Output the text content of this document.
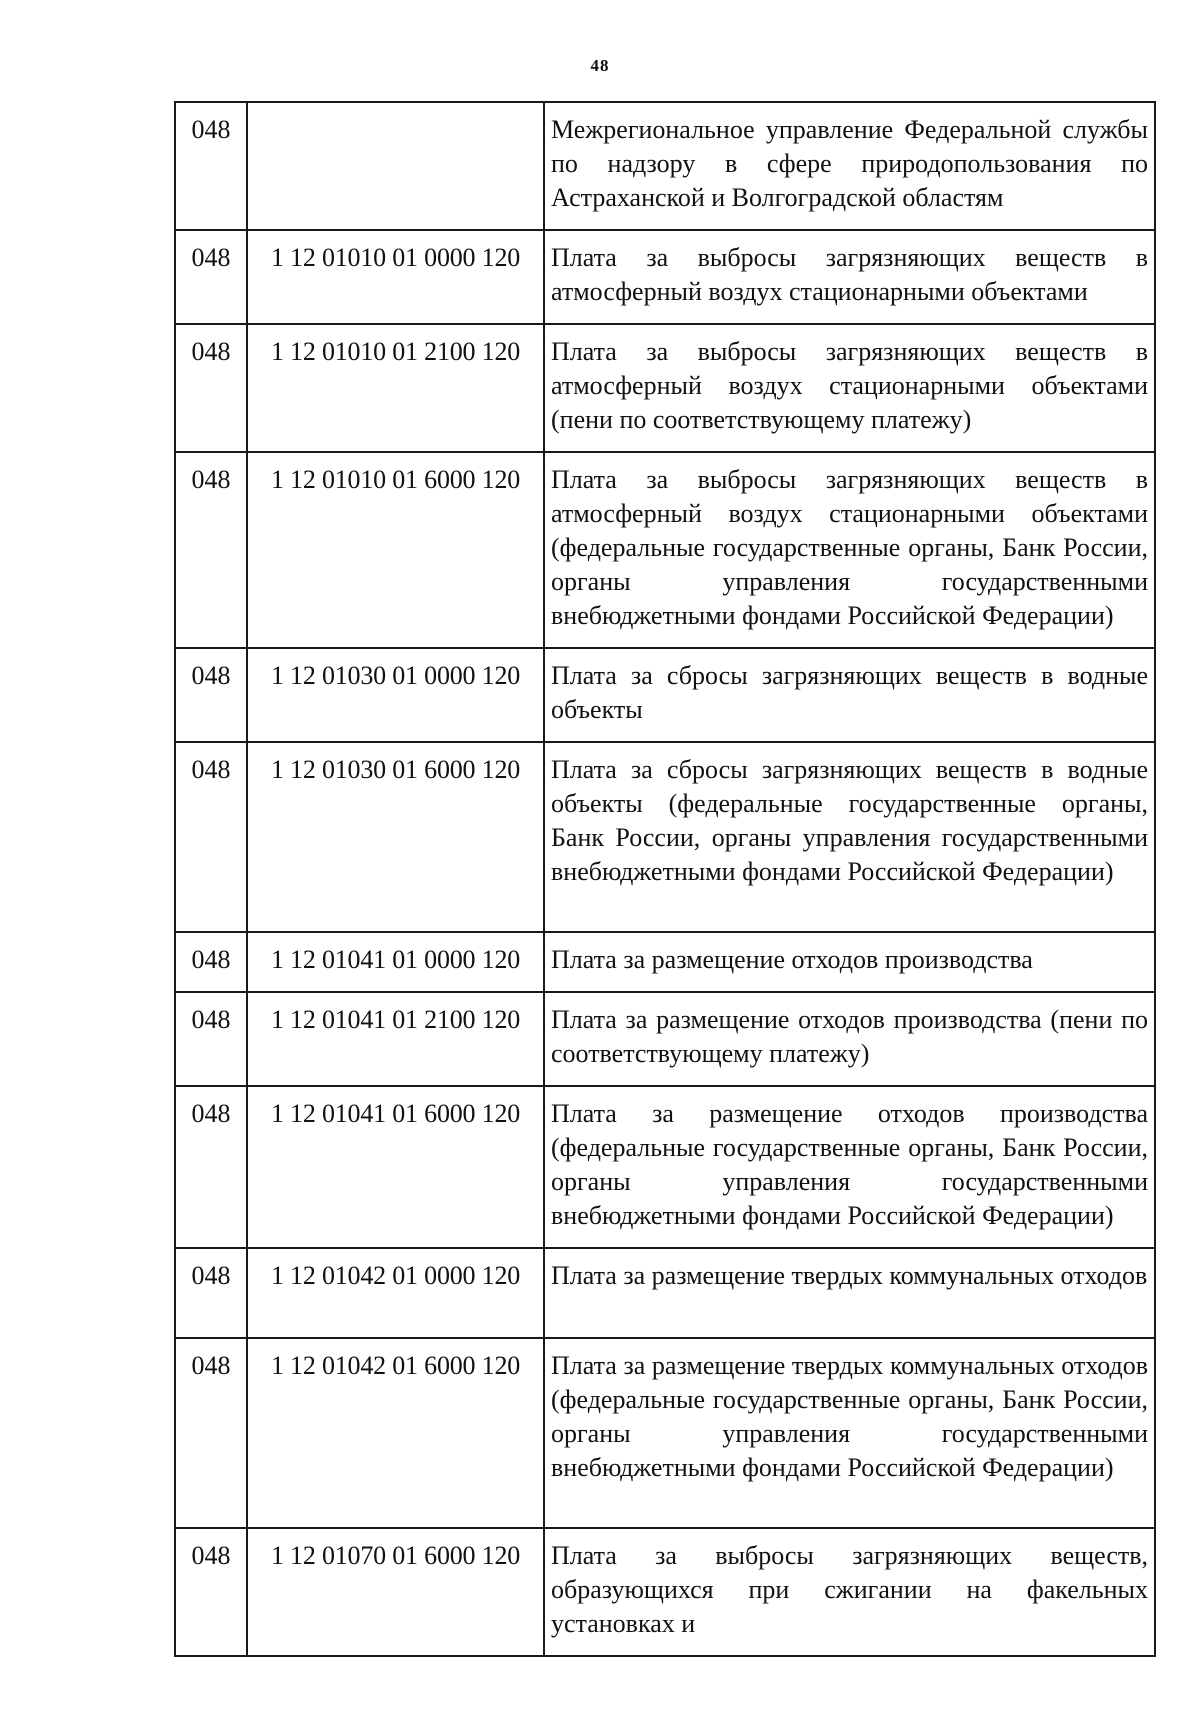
48
048		Межрегиональное управление Федеральной службы по надзору в сфере природопользования по Астраханской и Волгоградской областям
048	1 12 01010 01 0000 120	Плата за выбросы загрязняющих веществ в атмосферный воздух стационарными объектами
048	1 12 01010 01 2100 120	Плата за выбросы загрязняющих веществ в атмосферный воздух стационарными объектами (пени по соответствующему платежу)
048	1 12 01010 01 6000 120	Плата за выбросы загрязняющих веществ в атмосферный воздух стационарными объектами (федеральные государственные органы, Банк России, органы управления государственными внебюджетными фондами Российской Федерации)
048	1 12 01030 01 0000 120	Плата за сбросы загрязняющих веществ в водные объекты
048	1 12 01030 01 6000 120	Плата за сбросы загрязняющих веществ в водные объекты (федеральные государственные органы, Банк России, органы управления государственными внебюджетными фондами Российской Федерации)
048	1 12 01041 01 0000 120	Плата за размещение отходов производства
048	1 12 01041 01 2100 120	Плата за размещение отходов производства (пени по соответствующему платежу)
048	1 12 01041 01 6000 120	Плата за размещение отходов производства (федеральные государственные органы, Банк России, органы управления государственными внебюджетными фондами Российской Федерации)
048	1 12 01042 01 0000 120	Плата за размещение твердых коммунальных отходов
048	1 12 01042 01 6000 120	Плата за размещение твердых коммунальных отходов (федеральные государственные органы, Банк России, органы управления государственными внебюджетными фондами Российской Федерации)
048	1 12 01070 01 6000 120	Плата за выбросы загрязняющих веществ, образующихся при сжигании на факельных установках и
